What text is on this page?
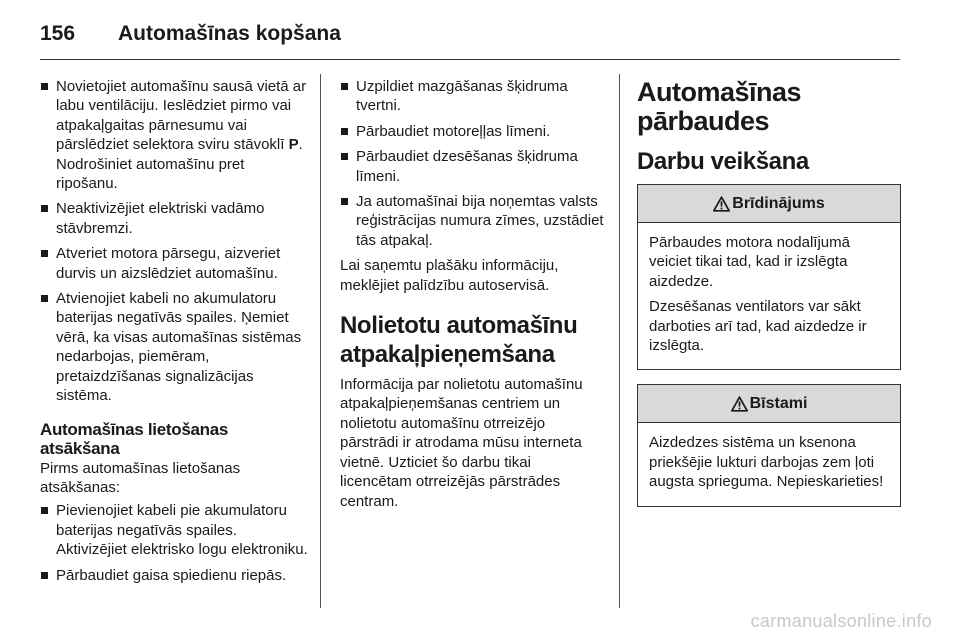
156 Automašīnas kopšana
Novietojiet automašīnu sausā vietā ar labu ventilāciju. Ieslēdziet pirmo vai atpakaļgaitas pārnesumu vai pārslēdziet selektora sviru stāvoklī P. Nodrošiniet automašīnu pret ripošanu.
Neaktivizējiet elektriski vadāmo stāvbremzi.
Atveriet motora pārsegu, aizveriet durvis un aizslēdziet automašīnu.
Atvienojiet kabeli no akumulatoru baterijas negatīvās spailes. Ņemiet vērā, ka visas automašīnas sistēmas nedarbojas, piemēram, pretaizdzīšanas signalizācijas sistēma.
Automašīnas lietošanas atsākšana

Pirms automašīnas lietošanas atsākšanas:

Pievienojiet kabeli pie akumulatoru baterijas negatīvās spailes. Aktivizējiet elektrisko logu elektroniku.
Pārbaudiet gaisa spiedienu riepās.
Uzpildiet mazgāšanas šķidruma tvertni.
Pārbaudiet motoreļļas līmeni.
Pārbaudiet dzesēšanas šķidruma līmeni.
Ja automašīnai bija noņemtas valsts reģistrācijas numura zīmes, uzstādiet tās atpakaļ.

Lai saņemtu plašāku informāciju, meklējiet palīdzību autoservisā.

Nolietotu automašīnu atpakaļpieņemšana

Informācija par nolietotu automašīnu atpakaļpieņemšanas centriem un nolietotu automašīnu otrreizējo pārstrādi ir atrodama mūsu interneta vietnē. Uzticiet šo darbu tikai licencētam otrreizējās pārstrādes centram.

Automašīnas pārbaudes
Darbu veikšana
Brīdinājums

Pārbaudes motora nodalījumā veiciet tikai tad, kad ir izslēgta aizdedze.

Dzesēšanas ventilators var sākt darboties arī tad, kad aizdedze ir izslēgta.

Bīstami

Aizdedzes sistēma un ksenona priekšējie lukturi darbojas zem ļoti augsta sprieguma. Nepieskarieties!

carmanualsonline.info
